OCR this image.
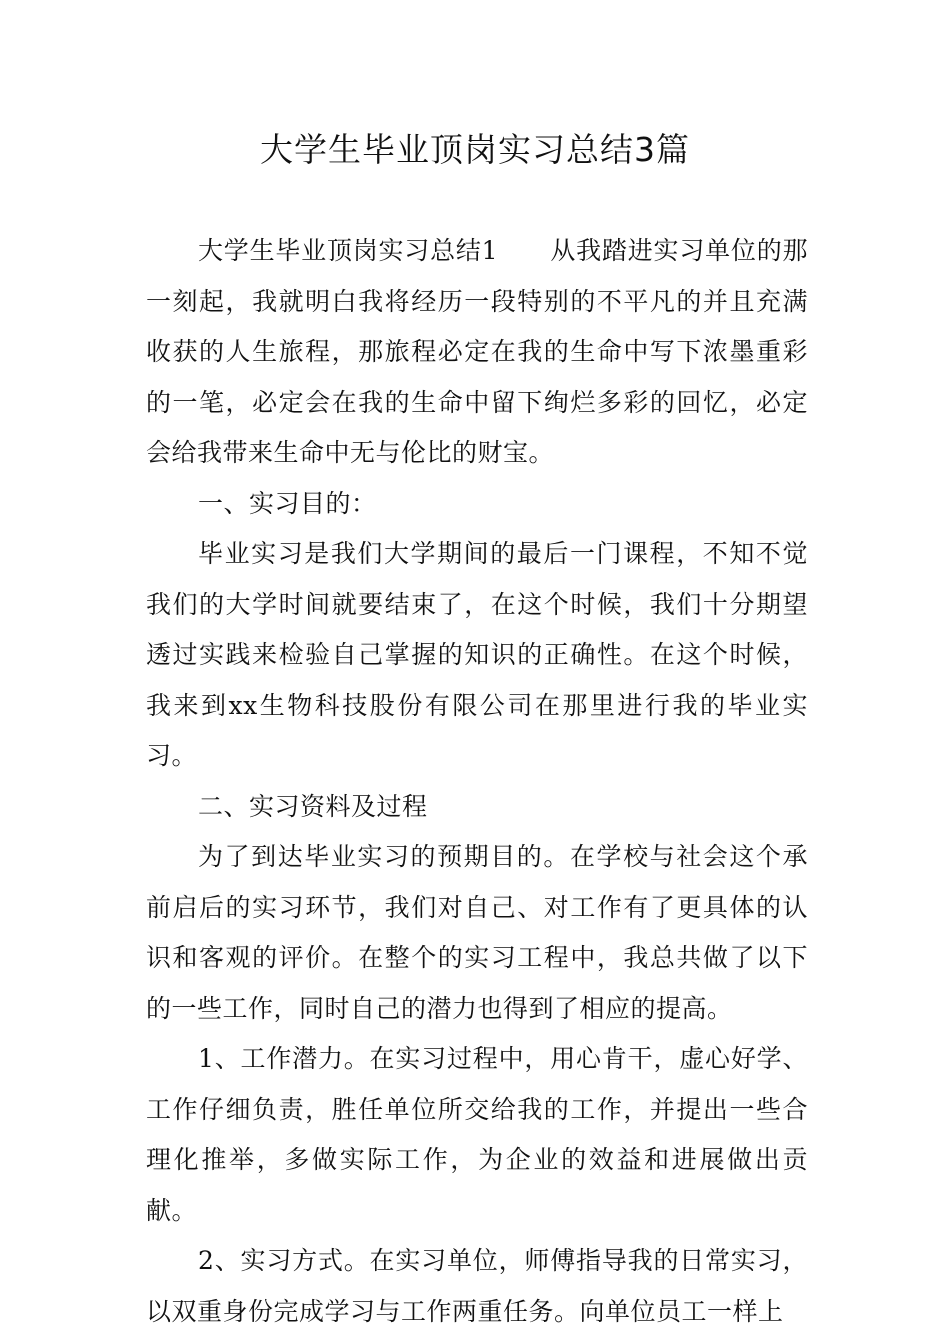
大学生毕业顶岗实习总结3篇

大学生毕业顶岗实习总结1 从我踏进实习单位的那一刻起，我就明白我将经历一段特别的不平凡的并且充满收获的人生旅程，那旅程必定在我的生命中写下浓墨重彩的一笔，必定会在我的生命中留下绚烂多彩的回忆，必定会给我带来生命中无与伦比的财宝。

一、实习目的：

毕业实习是我们大学期间的最后一门课程，不知不觉我们的大学时间就要结束了，在这个时候，我们十分期望透过实践来检验自己掌握的知识的正确性。在这个时候，我来到xx生物科技股份有限公司在那里进行我的毕业实习。

二、实习资料及过程

为了到达毕业实习的预期目的。在学校与社会这个承前启后的实习环节，我们对自己、对工作有了更具体的认识和客观的评价。在整个的实习工程中，我总共做了以下的一些工作，同时自己的潜力也得到了相应的提高。

1、工作潜力。在实习过程中，用心肯干，虚心好学、工作仔细负责，胜任单位所交给我的工作，并提出一些合理化推举，多做实际工作，为企业的效益和进展做出贡献。

2、实习方式。在实习单位，师傅指导我的日常实习，以双重身份完成学习与工作两重任务。向单位员工一样上
